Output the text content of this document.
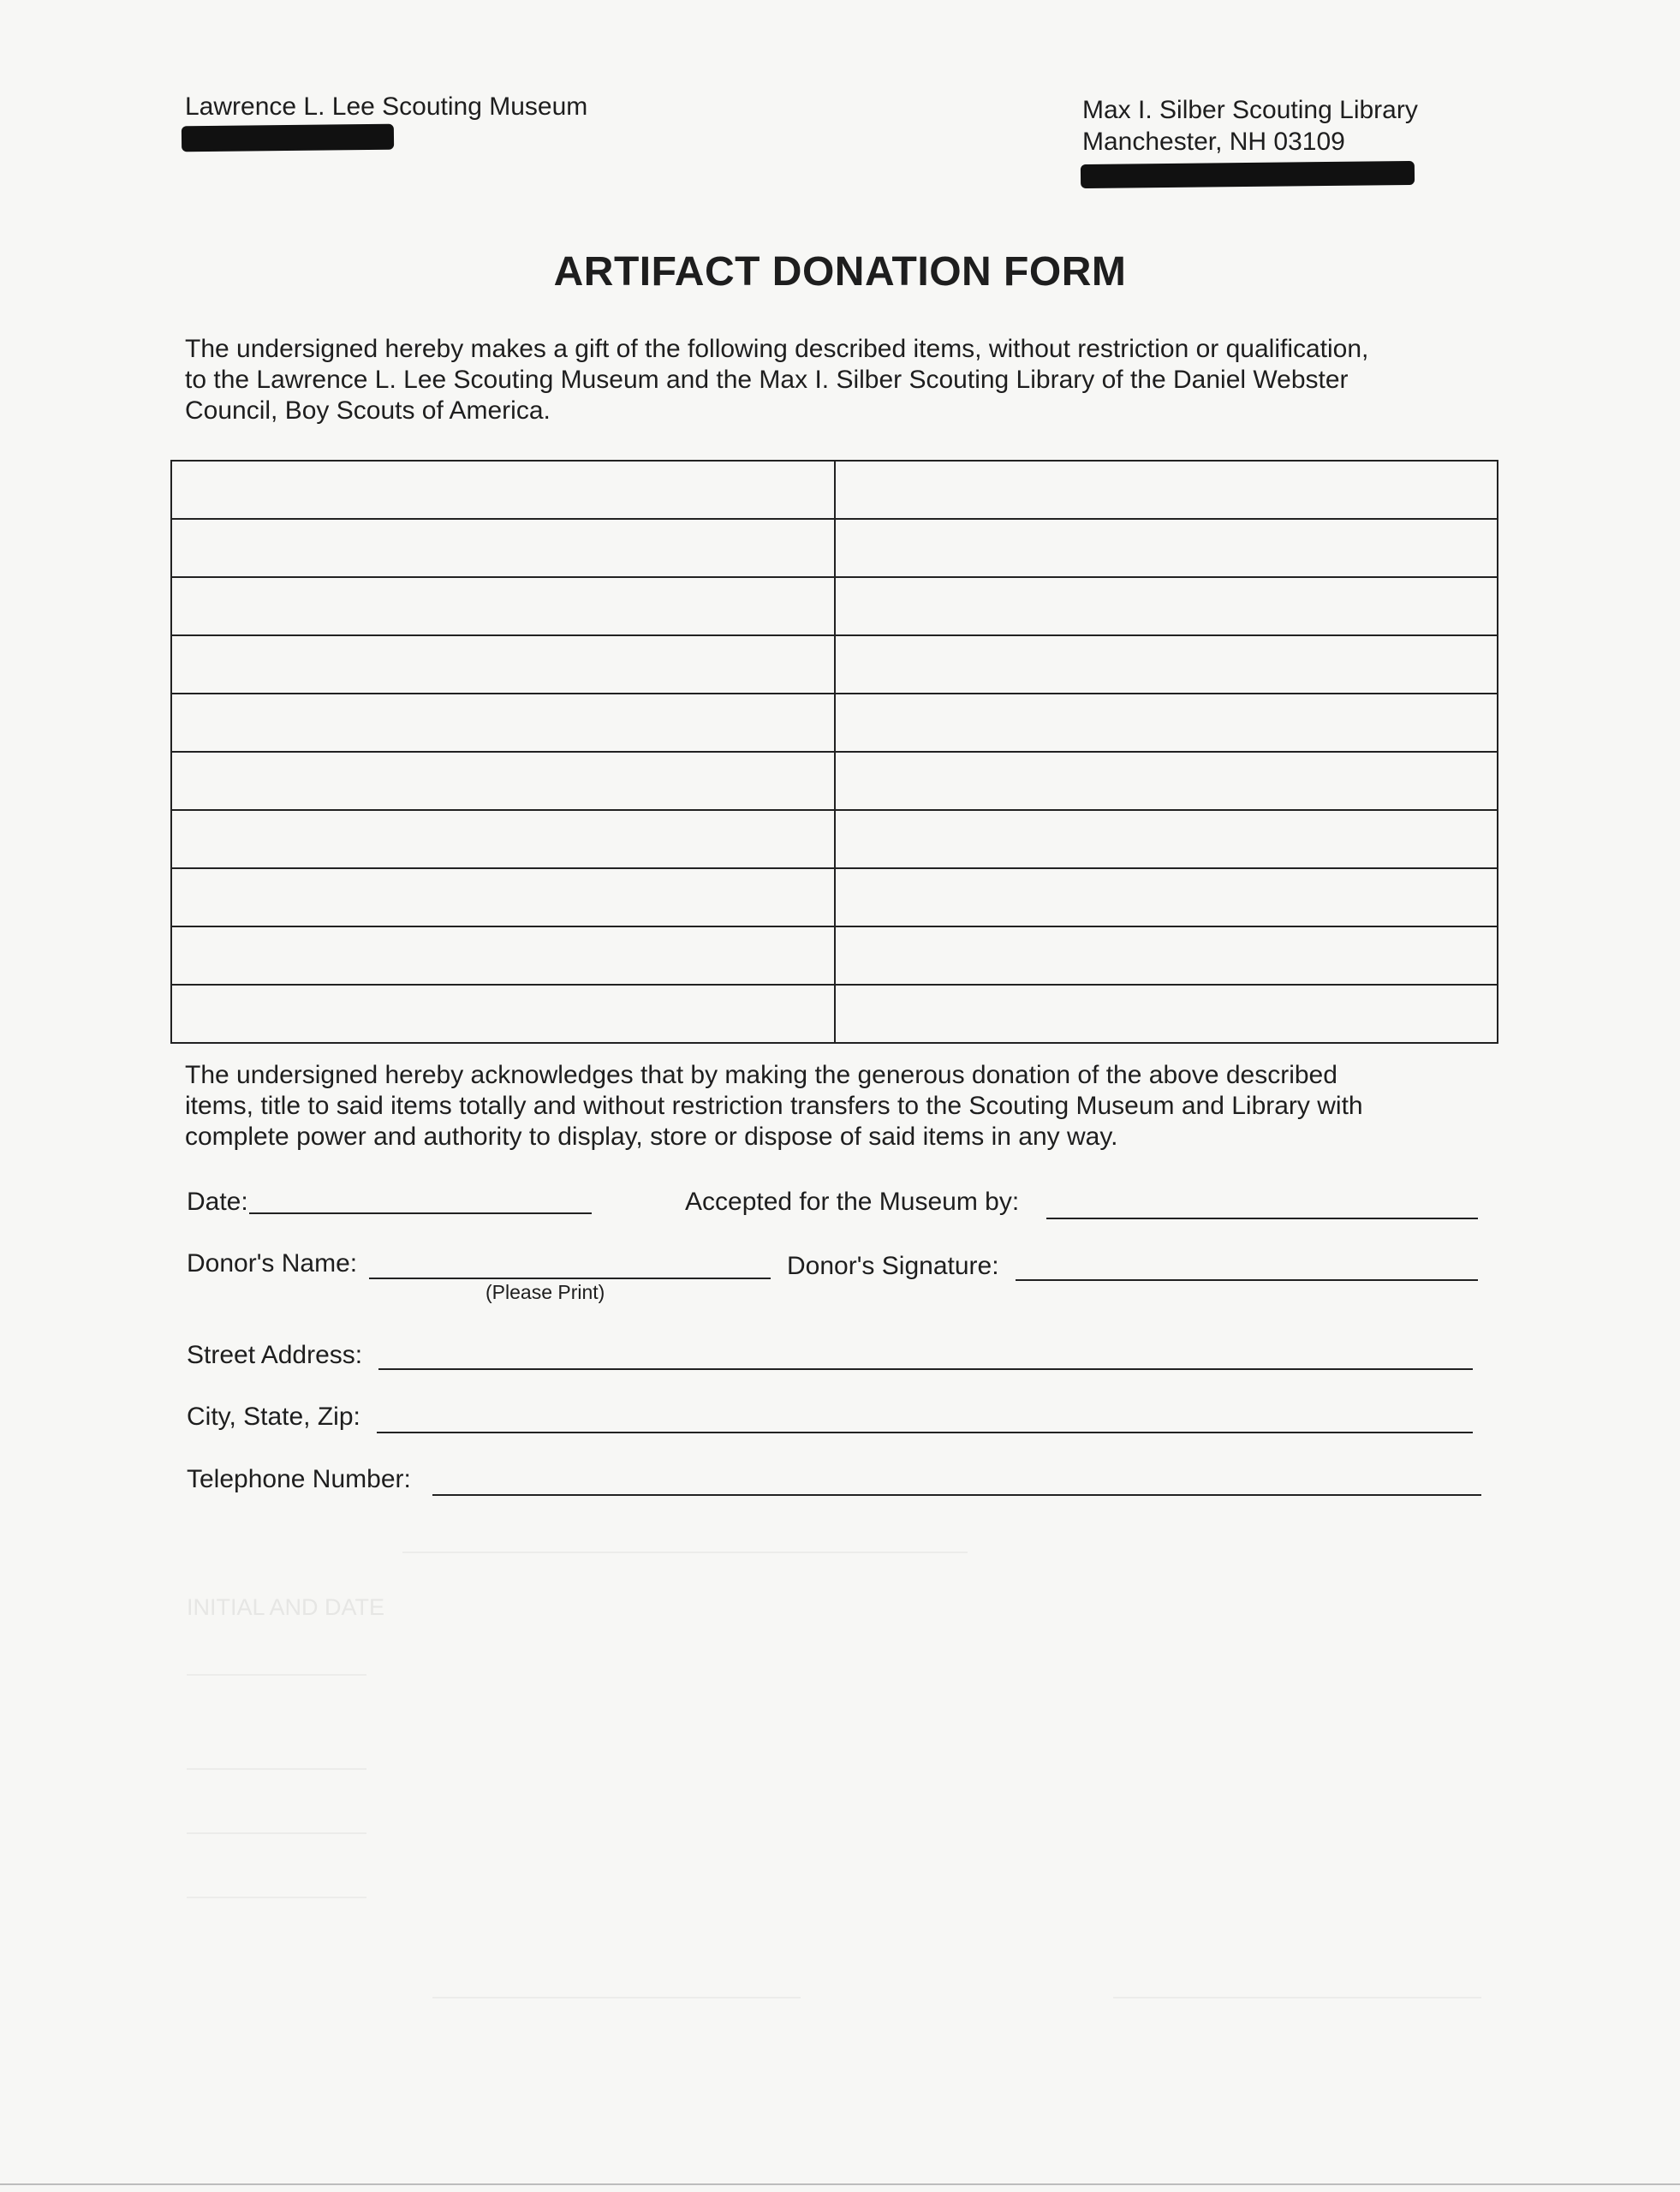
Lawrence L. Lee Scouting Museum	Max I. Silber Scouting Library
Manchester, NH 03109
ARTIFACT DONATION FORM
The undersigned hereby makes a gift of the following described items, without restriction or qualification,
to the Lawrence L. Lee Scouting Museum and the Max I. Silber Scouting Library of the Daniel Webster
Council, Boy Scouts of America.

The undersigned hereby acknowledges that by making the generous donation of the above described
items, title to said items totally and without restriction transfers to the Scouting Museum and Library with
complete power and authority to display, store or dispose of said items in any way.
Date:	Accepted for the Museum by:
Donor's Name:
(Please Print)
Donor's Signature:
Street Address:
City, State, Zip:
Telephone Number:
INITIAL AND DATE
